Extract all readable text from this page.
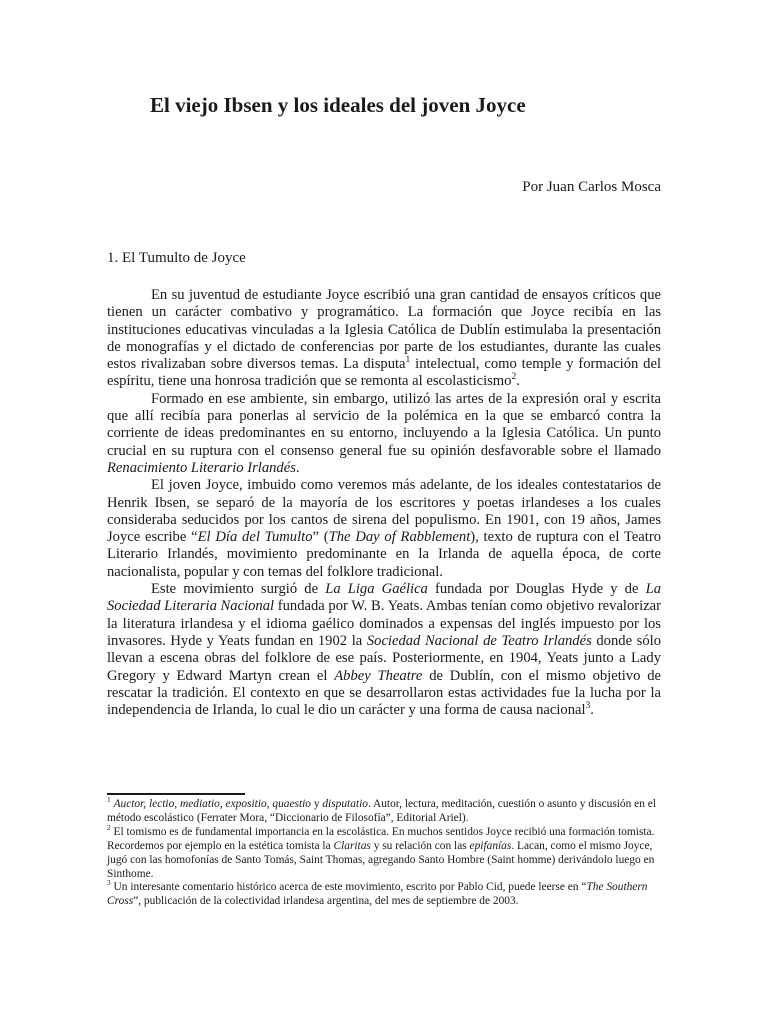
El viejo Ibsen y los ideales del joven Joyce

Por Juan Carlos Mosca

1. El Tumulto de Joyce

En su juventud de estudiante Joyce escribió una gran cantidad de ensayos críticos que tienen un carácter combativo y programático. La formación que Joyce recibía en las instituciones educativas vinculadas a la Iglesia Católica de Dublín estimulaba la presentación de monografías y el dictado de conferencias por parte de los estudiantes, durante las cuales estos rivalizaban sobre diversos temas. La disputa$^1$ intelectual, como temple y formación del espíritu, tiene una honrosa tradición que se remonta al escolasticismo$^2$.

Formado en ese ambiente, sin embargo, utilizó las artes de la expresión oral y escrita que allí recibía para ponerlas al servicio de la polémica en la que se embarcó contra la corriente de ideas predominantes en su entorno, incluyendo a la Iglesia Católica. Un punto crucial en su ruptura con el consenso general fue su opinión desfavorable sobre el llamado Renacimiento Literario Irlandés.

El joven Joyce, imbuido como veremos más adelante, de los ideales contestatarios de Henrik Ibsen, se separó de la mayoría de los escritores y poetas irlandeses a los cuales consideraba seducidos por los cantos de sirena del populismo. En 1901, con 19 años, James Joyce escribe “El Día del Tumulto” (The Day of Rabblement), texto de ruptura con el Teatro Literario Irlandés, movimiento predominante en la Irlanda de aquella época, de corte nacionalista, popular y con temas del folklore tradicional.

Este movimiento surgió de La Liga Gaélica fundada por Douglas Hyde y de La Sociedad Literaria Nacional fundada por W. B. Yeats. Ambas tenían como objetivo revalorizar la literatura irlandesa y el idioma gaélico dominados a expensas del inglés impuesto por los invasores. Hyde y Yeats fundan en 1902 la Sociedad Nacional de Teatro Irlandés donde sólo llevan a escena obras del folklore de ese país. Posteriormente, en 1904, Yeats junto a Lady Gregory y Edward Martyn crean el Abbey Theatre de Dublín, con el mismo objetivo de rescatar la tradición. El contexto en que se desarrollaron estas actividades fue la lucha por la independencia de Irlanda, lo cual le dio un carácter y una forma de causa nacional$^3$.

$^1$ Auctor, lectio, mediatio, expositio, quaestio y disputatio. Autor, lectura, meditación, cuestión o asunto y discusión en el método escolástico (Ferrater Mora, “Diccionario de Filosofía”, Editorial Ariel).

$^2$ El tomismo es de fundamental importancia en la escolástica. En muchos sentidos Joyce recibió una formación tomista. Recordemos por ejemplo en la estética tomista la Claritas y su relación con las epifanías. Lacan, como el mismo Joyce, jugó con las homofonías de Santo Tomás, Saint Thomas, agregando Santo Hombre (Saint homme) derivándolo luego en Sinthome.

$^3$ Un interesante comentario histórico acerca de este movimiento, escrito por Pablo Cid, puede leerse en “The Southern Cross”, publicación de la colectividad irlandesa argentina, del mes de septiembre de 2003.
